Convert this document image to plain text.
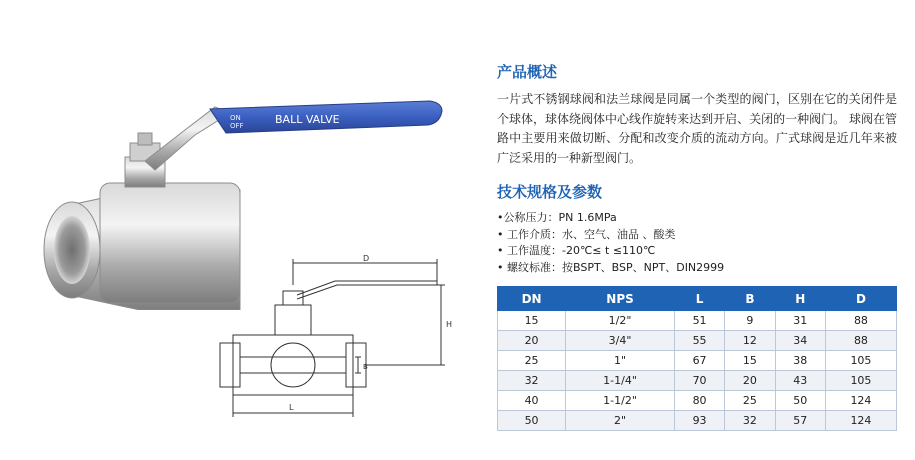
ON
OFF	BALL VALVE
D
H
B
L
产品概述

一片式不锈钢球阀和法兰球阀是同属一个类型的阀门，区别在它的关闭件是个球体，球体绕阀体中心线作旋转来达到开启、关闭的一种阀门。 球阀在管路中主要用来做切断、分配和改变介质的流动方向。广式球阀是近几年来被广泛采用的一种新型阀门。

技术规格及参数
•公称压力：PN 1.6MPa
• 工作介质：水、空气、油品 、酸类
• 工作温度：-20℃≤ t ≤110℃
• 螺纹标准：按BSPT、BSP、NPT、DIN2999
DN	NPS	L	B	H	D
15	1/2"	51	9	31	88
20	3/4"	55	12	34	88
25	1"	67	15	38	105
32	1-1/4"	70	20	43	105
40	1-1/2"	80	25	50	124
50	2"	93	32	57	124
